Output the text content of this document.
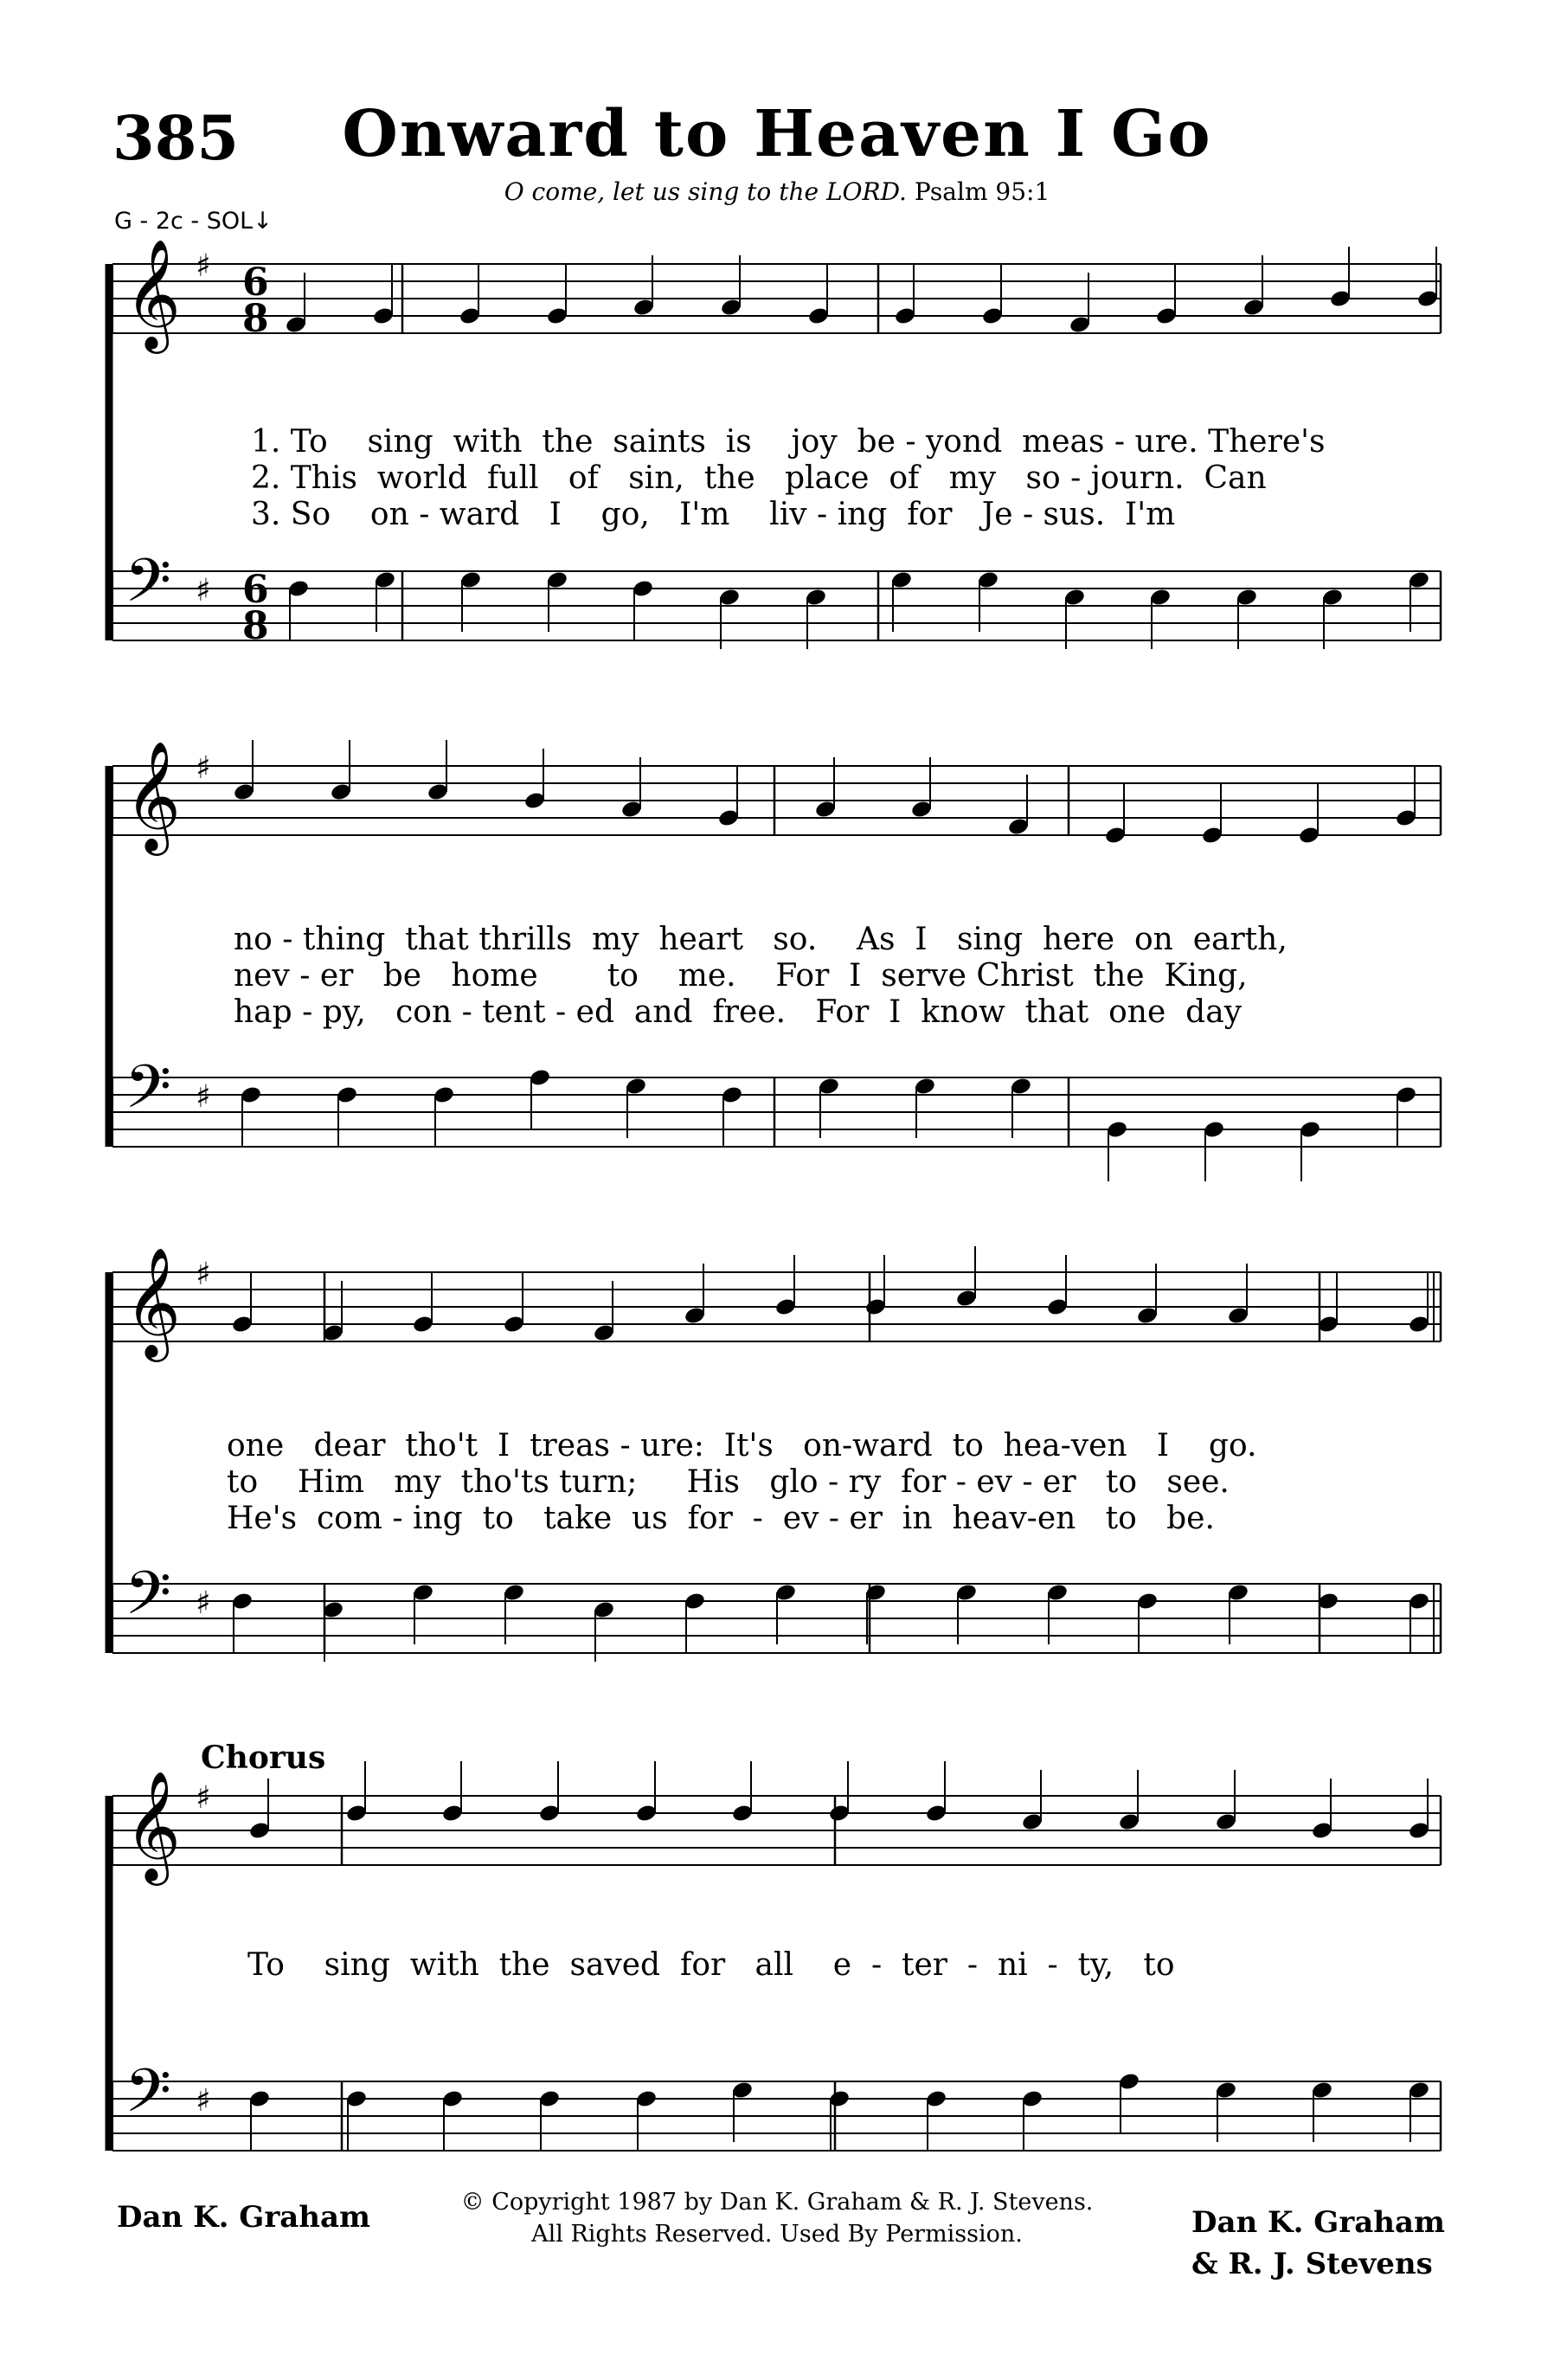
385	Onward to Heaven I Go
O come, let us sing to the LORD. Psalm 95:1
G - 2c - SOL↓
𝄞 ♯ 6
8
𝄢 ♯ 6
8
𝄞 ♯
𝄢 ♯
𝄞 ♯
𝄢 ♯
𝄞 ♯
𝄢 ♯
1. To    sing  with  the  saints  is    joy  be - yond  meas - ure. There's
2. This  world  full   of   sin,  the   place  of   my   so - journ.  Can
3. So    on - ward   I    go,   I'm    liv - ing  for   Je - sus.  I'm
no - thing  that thrills  my  heart   so.    As  I   sing  here  on  earth,
nev - er   be   home       to    me.    For  I  serve Christ  the  King,
hap - py,   con - tent - ed  and  free.   For  I  know  that  one  day
one   dear  tho't  I  treas - ure:  It's   on-ward  to  hea-ven   I    go.
to    Him   my  tho'ts turn;     His   glo - ry  for - ev - er   to   see.
He's  com - ing  to   take  us  for  -  ev - er  in  heav-en   to   be.
To    sing  with  the  saved  for   all    e  -  ter  -  ni  -  ty,   to
Chorus
Dan K. Graham	© Copyright 1987 by Dan K. Graham & R. J. Stevens.
All Rights Reserved. Used By Permission.	Dan K. Graham
& R. J. Stevens
